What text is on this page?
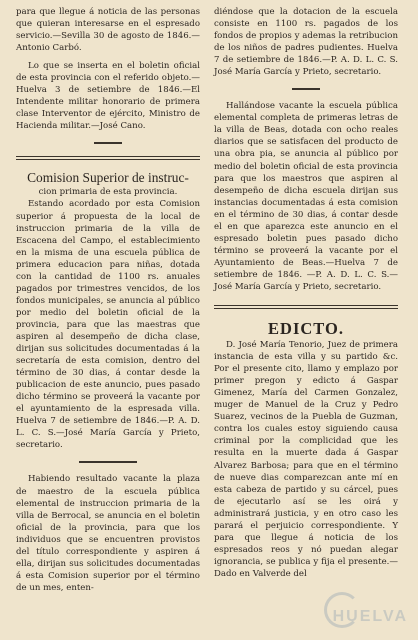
para que llegue á noticia de las personas que quieran interesarse en el espresado servicio.—Sevilla 30 de agosto de 1846.— Antonio Carbó.

Lo que se inserta en el boletin oficial de esta provincia con el referido objeto.— Huelva 3 de setiembre de 1846.—El Intendente militar honorario de primera clase Interventor de ejército, Ministro de Hacienda militar.—José Cano.

Comision Superior de instruc-

cion primaria de esta provincia.

Estando acordado por esta Comision superior á propuesta de la local de instruccion primaria de la villa de Escacena del Campo, el establecimiento en la misma de una escuela pública de primera educacion para niñas, dotada con la cantidad de 1100 rs. anuales pagados por trimestres vencidos, de los fondos municipales, se anuncia al público por medio del boletin oficial de la provincia, para que las maestras que aspiren al desempeño de dicha clase, dirijan sus solicitudes documentadas á la secretaría de esta comision, dentro del término de 30 dias, á contar desde la publicacion de este anuncio, pues pasado dicho término se proveerá la vacante por el ayuntamiento de la espresada villa. Huelva 7 de setiembre de 1846.—P. A. D. L. C. S.—José María García y Prieto, secretario.

Habiendo resultado vacante la plaza de maestro de la escuela pública elemental de instruccion primaria de la villa de Berrocal, se anuncia en el boletin oficial de la provincia, para que los individuos que se encuentren provistos del título correspondiente y aspiren á ella, dirijan sus solicitudes documentadas á esta Comision superior por el término de un mes, enten-

diéndose que la dotacion de la escuela consiste en 1100 rs. pagados de los fondos de propios y ademas la retribucion de los niños de padres pudientes. Huelva 7 de setiembre de 1846.—P. A. D. L. C. S. José María García y Prieto, secretario.

Hallándose vacante la escuela pública elemental completa de primeras letras de la villa de Beas, dotada con ocho reales diarios que se satisfacen del producto de una obra pia, se anuncia al público por medio del boletin oficial de esta provincia para que los maestros que aspiren al desempeño de dicha escuela dirijan sus instancias documentadas á esta comision en el término de 30 dias, á contar desde el en que aparezca este anuncio en el espresado boletin pues pasado dicho término se proveerá la vacante por el Ayuntamiento de Beas.—Huelva 7 de setiembre de 1846. —P. A. D. L. C. S.—José María García y Prieto, secretario.

EDICTO.

D. José María Tenorio, Juez de primera instancia de esta villa y su partido &c. Por el presente cito, llamo y emplazo por primer pregon y edicto á Gaspar Gimenez, María del Carmen Gonzalez, muger de Manuel de la Cruz y Pedro Suarez, vecinos de la Puebla de Guzman, contra los cuales estoy siguiendo causa criminal por la complicidad que les resulta en la muerte dada á Gaspar Alvarez Barbosa; para que en el término de nueve dias comparezcan ante mí en esta cabeza de partido y su cárcel, pues de ejecutarlo así se les oirá y administrará justicia, y en otro caso les parará el perjuicio correspondiente. Y para que llegue á noticia de los espresados reos y nó puedan alegar ignorancia, se publica y fija el presente.—Dado en Valverde del

HUELVA
